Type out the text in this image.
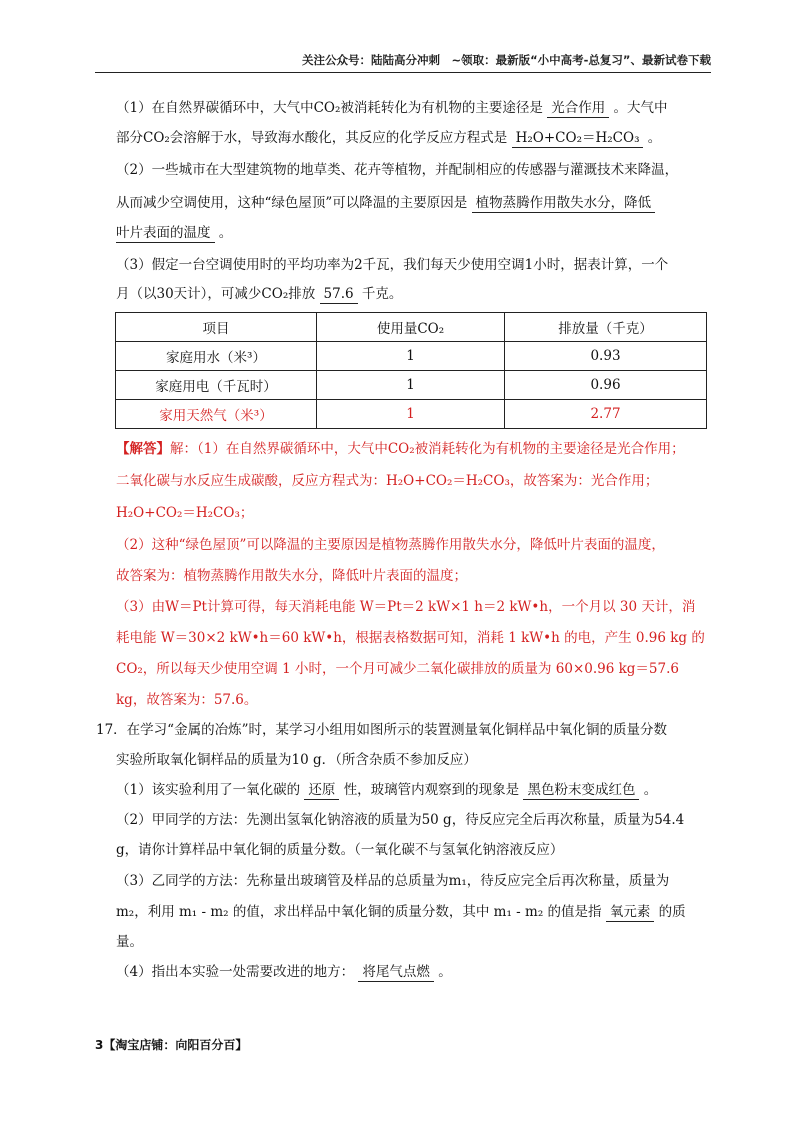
关注公众号：陆陆高分冲刺　~领取：最新版“小中高考-总复习”、最新试卷下载
（1）在自然界碳循环中，大气中CO₂被消耗转化为有机物的主要途径是 光合作用 。大气中
部分CO₂会溶解于水，导致海水酸化，其反应的化学反应方程式是 H₂O+CO₂＝H₂CO₃ 。
（2）一些城市在大型建筑物的地草类、花卉等植物，并配制相应的传感器与灌溉技术来降温，
从而减少空调使用，这种“绿色屋顶”可以降温的主要原因是 植物蒸腾作用散失水分，降低
叶片表面的温度 。
（3）假定一台空调使用时的平均功率为2千瓦，我们每天少使用空调1小时，据表计算，一个
月（以30天计），可减少CO₂排放 57.6 千克。
项目	使用量CO₂	排放量（千克）
家庭用水（米³）	1	0.93
家庭用电（千瓦时）	1	0.96
家用天然气（米³）	1	2.77
【解答】解：（1）在自然界碳循环中，大气中CO₂被消耗转化为有机物的主要途径是光合作用；
二氧化碳与水反应生成碳酸，反应方程式为：H₂O+CO₂＝H₂CO₃，故答案为：光合作用；
H₂O+CO₂＝H₂CO₃；
（2）这种“绿色屋顶”可以降温的主要原因是植物蒸腾作用散失水分，降低叶片表面的温度，
故答案为：植物蒸腾作用散失水分，降低叶片表面的温度；
（3）由W＝Pt计算可得，每天消耗电能 W＝Pt＝2 kW×1 h＝2 kW•h，一个月以 30 天计，消
耗电能 W＝30×2 kW•h＝60 kW•h，根据表格数据可知，消耗 1 kW•h 的电，产生 0.96 kg 的
CO₂，所以每天少使用空调 1 小时，一个月可减少二氧化碳排放的质量为 60×0.96 kg＝57.6
kg，故答案为：57.6。
17．在学习“金属的冶炼”时，某学习小组用如图所示的装置测量氧化铜样品中氧化铜的质量分数
实验所取氧化铜样品的质量为10 g．（所含杂质不参加反应）
（1）该实验利用了一氧化碳的 还原 性，玻璃管内观察到的现象是 黑色粉末变成红色 。
（2）甲同学的方法：先测出氢氧化钠溶液的质量为50 g，待反应完全后再次称量，质量为54.4
g，请你计算样品中氧化铜的质量分数。（一氧化碳不与氢氧化钠溶液反应）
（3）乙同学的方法：先称量出玻璃管及样品的总质量为m₁，待反应完全后再次称量，质量为
m₂，利用 m₁ - m₂ 的值，求出样品中氧化铜的质量分数，其中 m₁ - m₂ 的值是指 氧元素 的质
量。
（4）指出本实验一处需要改进的地方： 将尾气点燃 。
3【淘宝店铺：向阳百分百】
